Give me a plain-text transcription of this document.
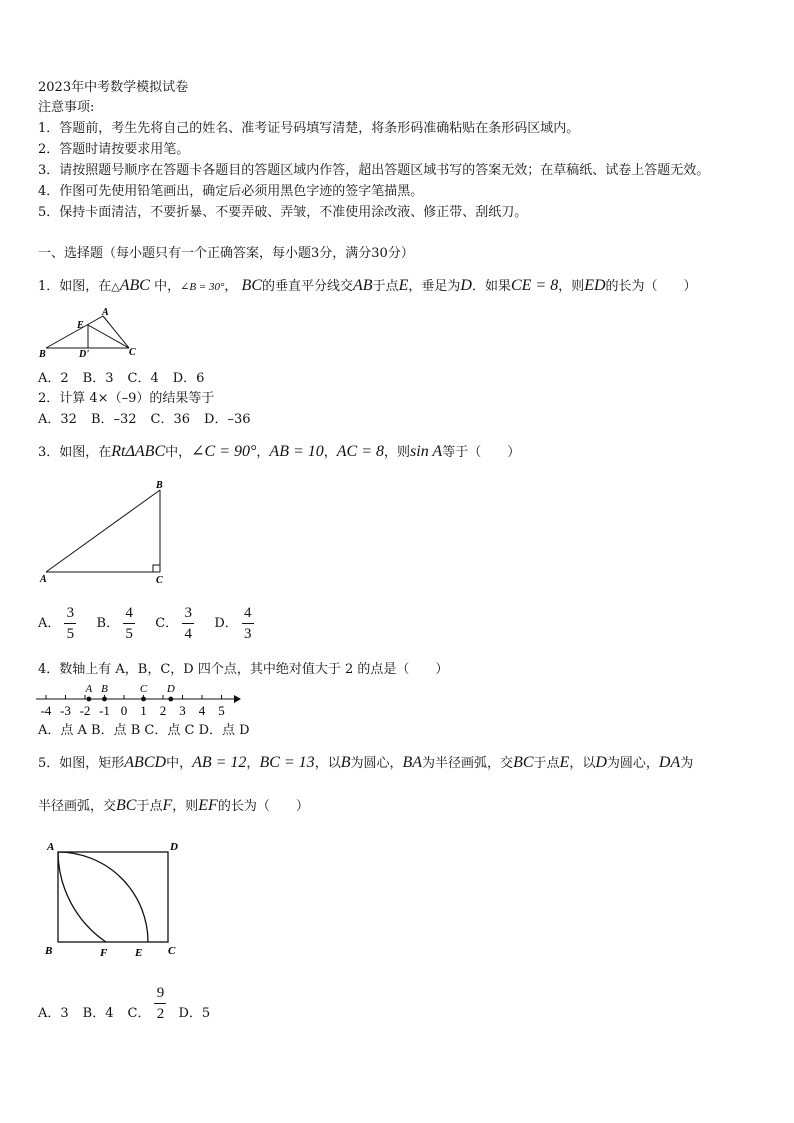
2023年中考数学模拟试卷
注意事项:
1．答题前，考生先将自己的姓名、准考证号码填写清楚，将条形码准确粘贴在条形码区域内。
2．答题时请按要求用笔。
3．请按照题号顺序在答题卡各题目的答题区域内作答，超出答题区域书写的答案无效；在草稿纸、试卷上答题无效。
4．作图可先使用铅笔画出，确定后必须用黑色字迹的签字笔描黑。
5．保持卡面清洁，不要折暴、不要弄破、弄皱，不准使用涂改液、修正带、刮纸刀。
一、选择题（每小题只有一个正确答案，每小题3分，满分30分）
1．如图，在△ABC 中，∠B = 30°， BC的垂直平分线交AB于点E，垂足为D．如果CE = 8，则ED的长为（　　）
A
E
B	D'	C
A．2 B．3 C．4 D．6
2．计算 4×（–9）的结果等于
A．32 B．–32 C．36 D．–36
3．如图，在RtΔABC中，∠C = 90°，AB = 10，AC = 8，则sin A等于（　　）
B
A	C
A． $\frac{3}{5}$ B． $\frac{4}{5}$ C． $\frac{3}{4}$ D． $\frac{4}{3}$
4．数轴上有 A，B，C，D 四个点，其中绝对值大于 2 的点是（　　）
-4 -3 -2 -1 0 1 2 3 4 5
A B	C D
A．点 A B．点 B C．点 C D．点 D
5．如图，矩形ABCD中，AB = 12，BC = 13，以B为圆心，BA为半径画弧，交BC于点E，以D为圆心，DA为
半径画弧，交BC于点F，则EF的长为（　　）
A	D
B	F	E C
A．3 B．4 C． $\frac{9}{2}$ D．5
